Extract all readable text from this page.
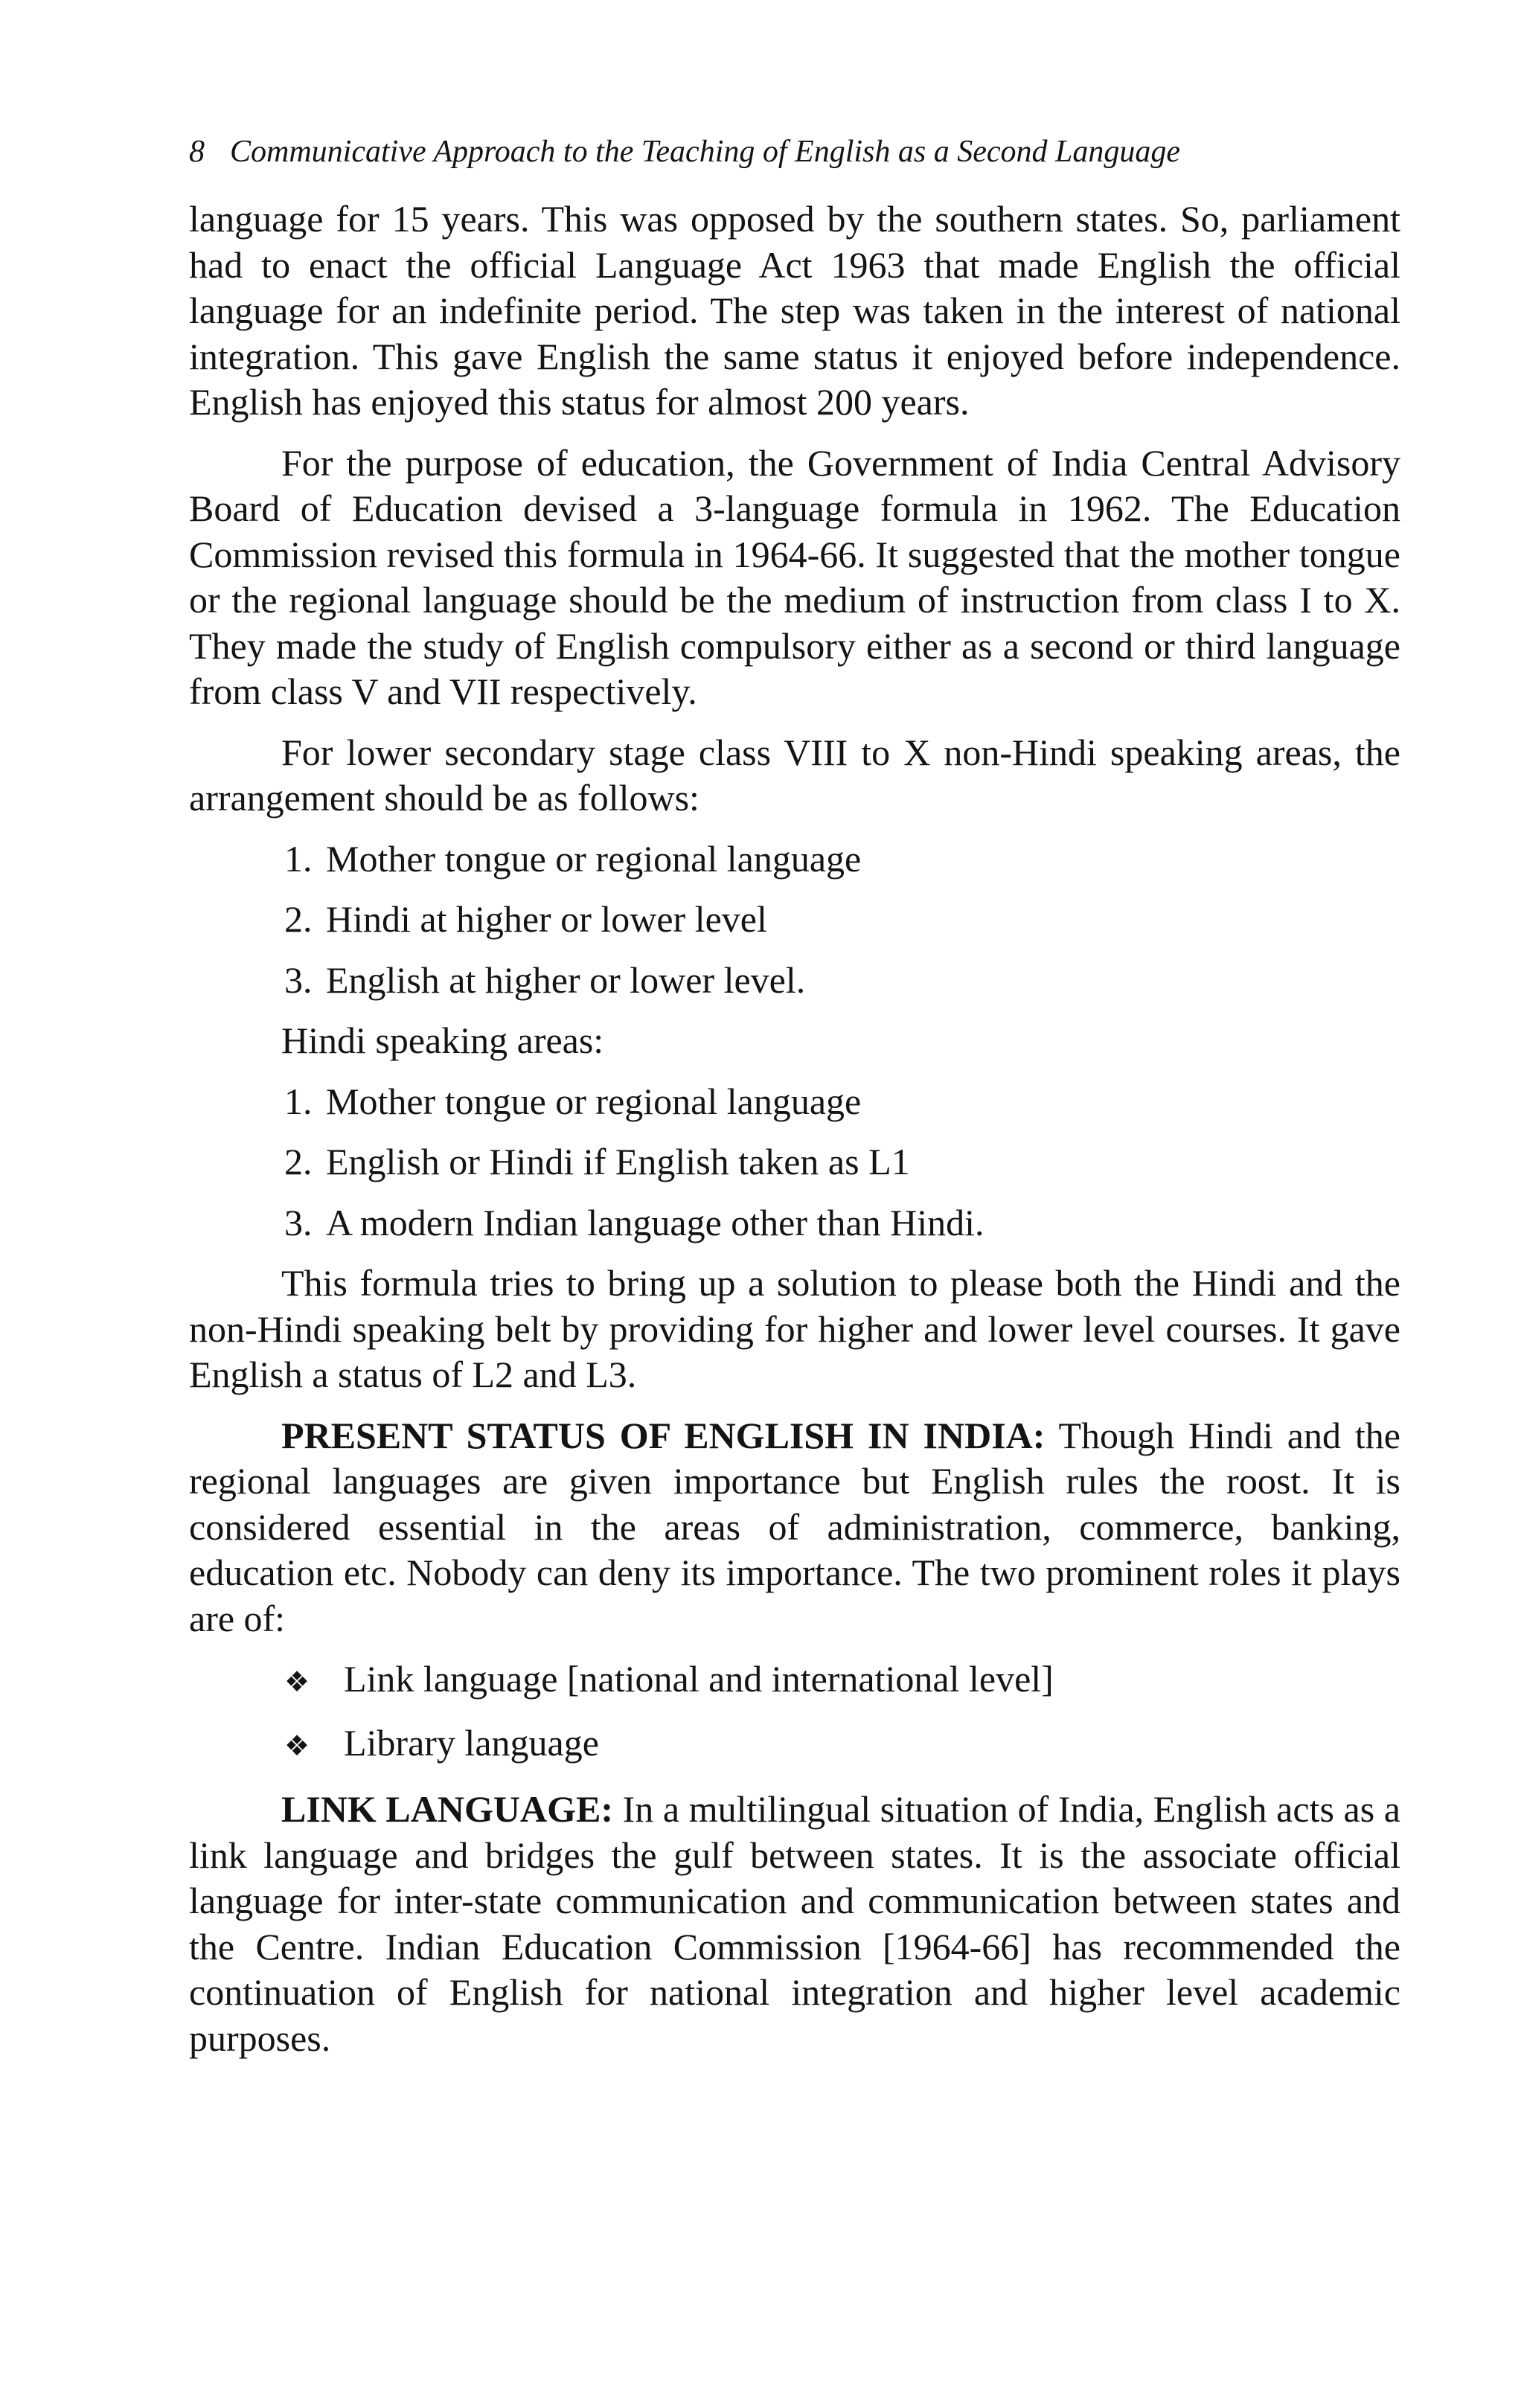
8 Communicative Approach to the Teaching of English as a Second Language

language for 15 years. This was opposed by the southern states. So, parliament had to enact the official Language Act 1963 that made English the official language for an indefinite period. The step was taken in the interest of national integration. This gave English the same status it enjoyed before independence. English has enjoyed this status for almost 200 years.

For the purpose of education, the Government of India Central Advisory Board of Education devised a 3-language formula in 1962. The Education Commission revised this formula in 1964-66. It suggested that the mother tongue or the regional language should be the medium of instruction from class I to X. They made the study of English compulsory either as a second or third language from class V and VII respectively.

For lower secondary stage class VIII to X non-Hindi speaking areas, the arrangement should be as follows:

1. Mother tongue or regional language
2. Hindi at higher or lower level
3. English at higher or lower level.
Hindi speaking areas:
1. Mother tongue or regional language
2. English or Hindi if English taken as L1
3. A modern Indian language other than Hindi.

This formula tries to bring up a solution to please both the Hindi and the non-Hindi speaking belt by providing for higher and lower level courses. It gave English a status of L2 and L3.

PRESENT STATUS OF ENGLISH IN INDIA: Though Hindi and the regional languages are given importance but English rules the roost. It is considered essential in the areas of administration, commerce, banking, education etc. Nobody can deny its importance. The two prominent roles it plays are of:

❖ Link language [national and international level]
❖ Library language

LINK LANGUAGE: In a multilingual situation of India, English acts as a link language and bridges the gulf between states. It is the associate official language for inter-state communication and communication between states and the Centre. Indian Education Commission [1964-66] has recommended the continuation of English for national integration and higher level academic purposes.
